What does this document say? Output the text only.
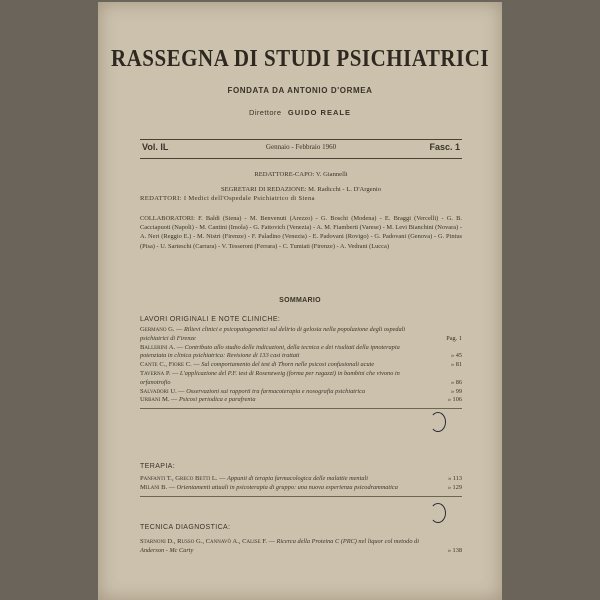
RASSEGNA DI STUDI PSICHIATRICI
FONDATA DA ANTONIO D'ORMEA
Direttore GUIDO REALE
Vol. IL	Gennaio - Febbraio 1960	Fasc. 1
REDATTORE-CAPO: V. Giannelli
SEGRETARI DI REDAZIONE: M. Radicchi - L. D'Argenio
REDATTORI: I Medici dell'Ospedale Psichiatrico di Siena
COLLABORATORI: F. Baldi (Siena) - M. Benvenuti (Arezzo) - G. Boschi (Modena) - E. Braggi (Vercelli) - G. B. Cacciapuoti (Napoli) - M. Cantini (Imola) - G. Fattovich (Venezia) - A. M. Fiamberti (Varese) - M. Levi Bianchini (Novara) - A. Neri (Reggio E.) - M. Nistri (Firenze) - F. Paladino (Venezia) - E. Padovani (Rovigo) - G. Padovani (Genova) - G. Pintus (Pisa) - U. Sarteschi (Carrara) - V. Tesseroni (Ferrara) - C. Tumiati (Firenze) - A. Vedrani (Lucca)
SOMMARIO
LAVORI ORIGINALI E NOTE CLINICHE:
Germano G. — Rilievi clinici e psicopatogenetici sul delirio di gelosia nella popolazione degli ospedali psichiatrici di Firenze	Pag. 1
Ballerini A. — Contributo allo studio delle indicazioni, della tecnica e dei risultati della ipnoterapia potenziata in clinica psichiatrica: Revisione di 133 casi trattati	» 45
Cante C., Fiore C. — Sul comportamento del test di Thorn nelle psicosi confusionali acute	» 81
Taverna P. — L'applicazione del P.F. test di Rosenzweig (forma per ragazzi) in bambini che vivono in orfanotrofio	» 86
Salvadori U. — Osservazioni sui rapporti tra farmacoterapia e nosografia psichiatrica	» 99
Urbani M. — Psicosi periodica e parafrenia	» 106
TERAPIA:
Panfanti T., Greco Betti L. — Appunti di terapia farmacologica delle malattie mentali	» 113
Milani B. — Orientamenti attuali in psicoterapia di gruppo: una nuova esperienza psicodrammatica	» 129
TECNICA DIAGNOSTICA:
Starnoni D., Russo G., Cannavò A., Calise F. — Ricerca della Proteina C (PRC) nel liquor col metodo di Anderson - Mc Carty	» 138
